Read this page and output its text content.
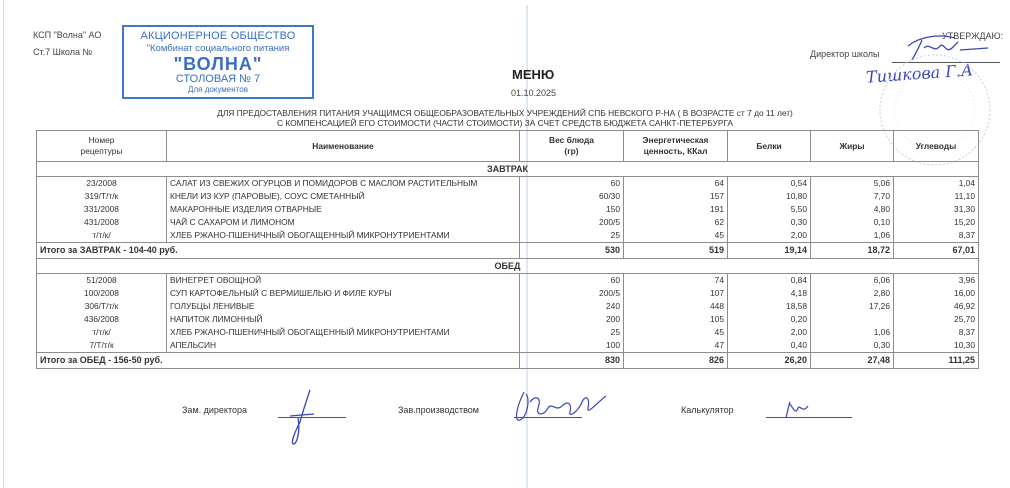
КСП "Волна" АО
Ст.7 Школа №
АКЦИОНЕРНОЕ ОБЩЕСТВО
"Комбинат социального питания
"ВОЛНА"
СТОЛОВАЯ № 7
Для документов
УТВЕРЖДАЮ:
Директор школы
Тишкова Г.А
МЕНЮ
01.10.2025
ДЛЯ ПРЕДОСТАВЛЕНИЯ ПИТАНИЯ УЧАЩИМСЯ ОБЩЕОБРАЗОВАТЕЛЬНЫХ УЧРЕЖДЕНИЙ СПБ НЕВСКОГО Р-НА ( В ВОЗРАСТЕ ст 7 до 11 лет)
С КОМПЕНСАЦИЕЙ ЕГО СТОИМОСТИ (ЧАСТИ СТОИМОСТИ) ЗА СЧЕТ СРЕДСТВ БЮДЖЕТА САНКТ-ПЕТЕРБУРГА
Номер рецептуры	Наименование	Вес блюда (гр)	Энергетическая ценность, ККал	Белки	Жиры	Углеводы
ЗАВТРАК						
23/2008	САЛАТ ИЗ СВЕЖИХ ОГУРЦОВ И ПОМИДОРОВ С МАСЛОМ РАСТИТЕЛЬНЫМ	60	64	0,54	5,06	1,04
319/Т/т/к	КНЕЛИ ИЗ КУР (ПАРОВЫЕ), СОУС СМЕТАННЫЙ	60/30	157	10,80	7,70	11,10
331/2008	МАКАРОННЫЕ ИЗДЕЛИЯ ОТВАРНЫЕ	150	191	5,50	4,80	31,30
431/2008	ЧАЙ С САХАРОМ И ЛИМОНОМ	200/5	62	0,30	0,10	15,20
т/т/к/	ХЛЕБ РЖАНО-ПШЕНИЧНЫЙ ОБОГАЩЕННЫЙ МИКРОНУТРИЕНТАМИ	25	45	2,00	1,06	8,37
Итого за ЗАВТРАК - 104-40 руб.		530	519	19,14	18,72	67,01
ОБЕД						
51/2008	ВИНЕГРЕТ ОВОЩНОЙ	60	74	0,84	6,06	3,96
100/2008	СУП КАРТОФЕЛЬНЫЙ С ВЕРМИШЕЛЬЮ И ФИЛЕ КУРЫ	200/5	107	4,18	2,80	16,00
306/Т/т/к	ГОЛУБЦЫ ЛЕНИВЫЕ	240	448	18,58	17,26	46,92
436/2008	НАПИТОК ЛИМОННЫЙ	200	105	0,20		25,70
т/т/к/	ХЛЕБ РЖАНО-ПШЕНИЧНЫЙ ОБОГАЩЕННЫЙ МИКРОНУТРИЕНТАМИ	25	45	2,00	1,06	8,37
7/Т/т/к	АПЕЛЬСИН	100	47	0,40	0,30	10,30
Итого за ОБЕД - 156-50 руб.		830	826	26,20	27,48	111,25
Зам. директора	Зав.производством	Калькулятор
